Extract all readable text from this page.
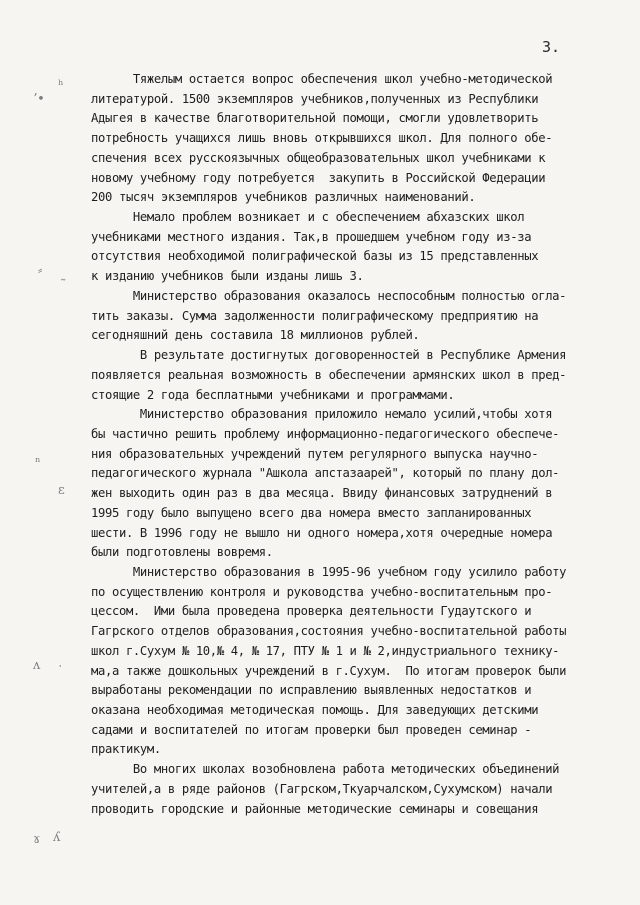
3.
Тяжелым остается вопрос обеспечения школ учебно-методической
литературой. 1500 экземпляров учебников,полученных из Республики
Адыгея в качестве благотворительной помощи, смогли удовлетворить
потребность учащихся лишь вновь открывшихся школ. Для полного обе-
спечения всех русскоязычных общеобразовательных школ учебниками к
новому учебному году потребуется  закупить в Российской Федерации
200 тысяч экземпляров учебников различных наименований.
Немало проблем возникает и с обеспечением абхазских школ
учебниками местного издания. Так,в прошедшем учебном году из-за
отсутствия необходимой полиграфической базы из 15 представленных
к изданию учебников были изданы лишь 3.
Министерство образования оказалось неспособным полностью огла-
тить заказы. Сумма задолженности полиграфическому предприятию на
сегодняшний день составила 18 миллионов рублей.
В результате достигнутых договоренностей в Республике Армения
появляется реальная возможность в обеспечении армянских школ в пред-
стоящие 2 года бесплатными учебниками и программами.
Министерство образования приложило немало усилий,чтобы хотя
бы частично решить проблему информационно-педагогического обеспече-
ния образовательных учреждений путем регулярного выпуска научно-
педагогического журнала "Ашкола апстазаарей", который по плану дол-
жен выходить один раз в два месяца. Ввиду финансовых затруднений в
1995 году было выпущено всего два номера вместо запланированных
шести. В 1996 году не вышло ни одного номера,хотя очередные номера
были подготовлены вовремя.
Министерство образования в 1995-96 учебном году усилило работу
по осуществлению контроля и руководства учебно-воспитательным про-
цессом.  Ими была проведена проверка деятельности Гудаутского и
Гагрского отделов образования,состояния учебно-воспитательной работы
школ г.Сухум № 10,№ 4, № 17, ПТУ № 1 и № 2,индустриального технику-
ма,а также дошкольных учреждений в г.Сухум.  По итогам проверок были
выработаны рекомендации по исправлению выявленных недостатков и
оказана необходимая методическая помощь. Для заведующих детскими
садами и воспитателей по итогам проверки был проведен семинар -
практикум.
Во многих школах возобновлена работа методических объединений
учителей,а в ряде районов (Гагрском,Ткуарчалском,Сухумском) начали
проводить городские и районные методические семинары и совещания
ʰ
ʼ•
⸗
˜
ⁿ
ɛ
ʌ ˑ
ɤ ʎ
